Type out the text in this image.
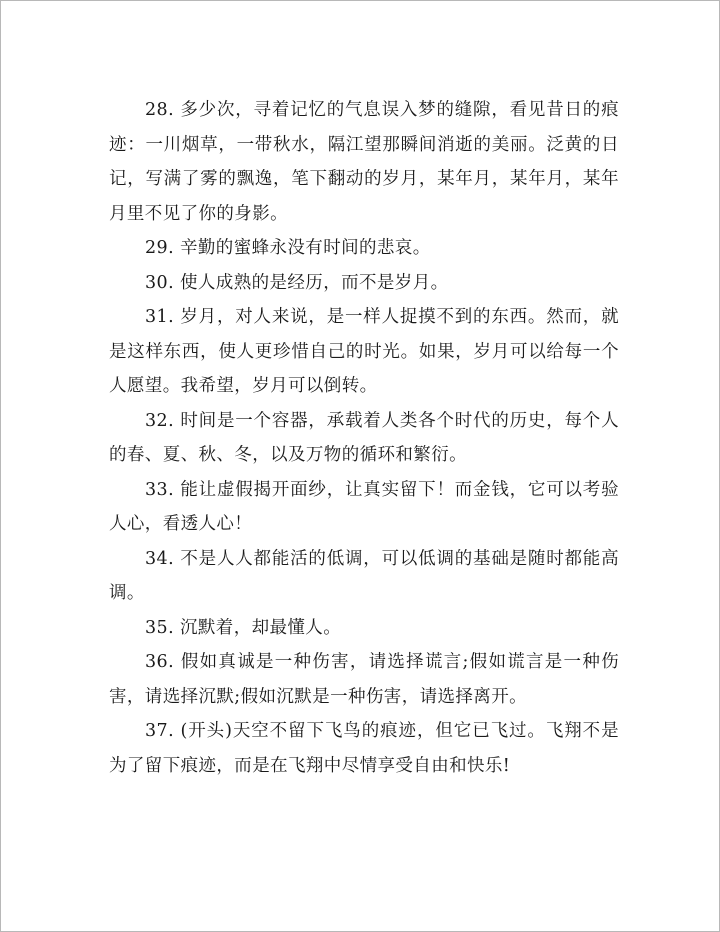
28. 多少次，寻着记忆的气息误入梦的缝隙，看见昔日的痕迹：一川烟草，一带秋水，隔江望那瞬间消逝的美丽。泛黄的日记，写满了雾的飘逸，笔下翻动的岁月，某年月，某年月，某年月里不见了你的身影。

29. 辛勤的蜜蜂永没有时间的悲哀。

30. 使人成熟的是经历，而不是岁月。

31. 岁月，对人来说，是一样人捉摸不到的东西。然而，就是这样东西，使人更珍惜自己的时光。如果，岁月可以给每一个人愿望。我希望，岁月可以倒转。

32. 时间是一个容器，承载着人类各个时代的历史，每个人的春、夏、秋、冬，以及万物的循环和繁衍。

33. 能让虚假揭开面纱，让真实留下！而金钱，它可以考验人心，看透人心！

34. 不是人人都能活的低调，可以低调的基础是随时都能高调。

35. 沉默着，却最懂人。

36. 假如真诚是一种伤害，请选择谎言;假如谎言是一种伤害，请选择沉默;假如沉默是一种伤害，请选择离开。

37. (开头)天空不留下飞鸟的痕迹，但它已飞过。飞翔不是为了留下痕迹，而是在飞翔中尽情享受自由和快乐!
